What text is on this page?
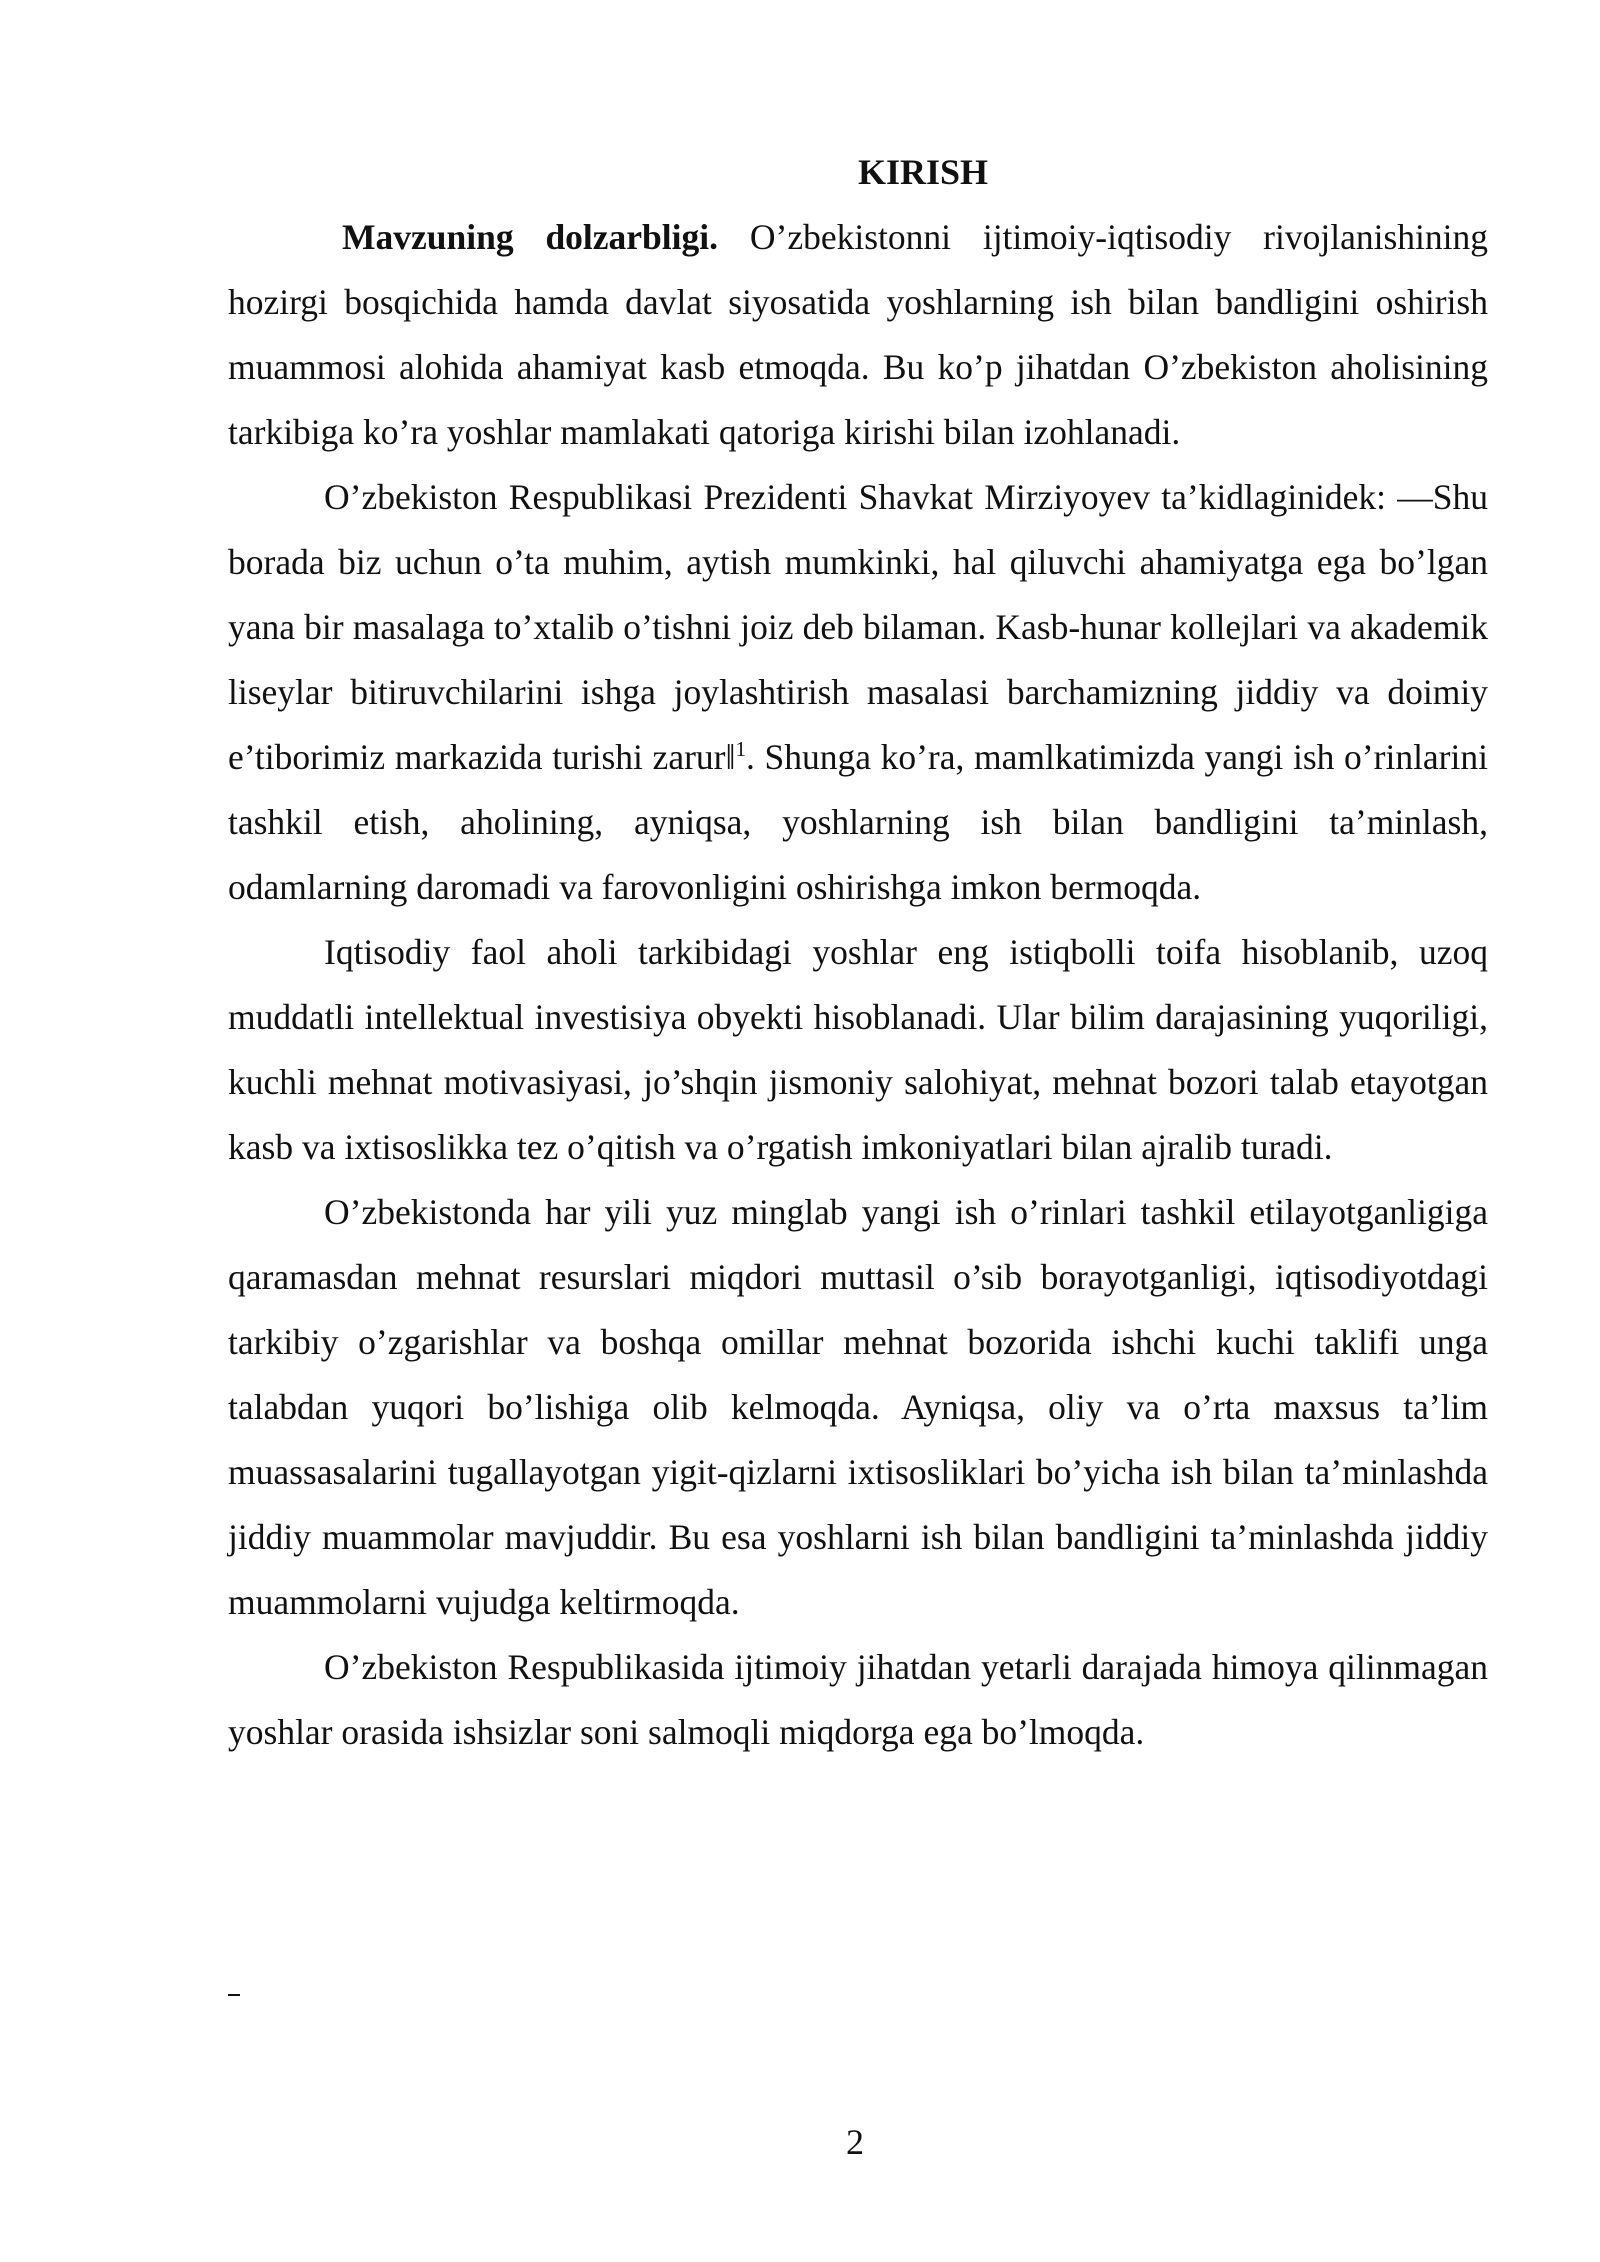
KIRISH

Mavzuning dolzarbligi. O’zbekistonni ijtimoiy-iqtisodiy rivojlanishining hozirgi bosqichida hamda davlat siyosatida yoshlarning ish bilan bandligini oshirish muammosi alohida ahamiyat kasb etmoqda. Bu ko’p jihatdan O’zbekiston aholisining tarkibiga ko’ra yoshlar mamlakati qatoriga kirishi bilan izohlanadi.

O’zbekiston Respublikasi Prezidenti Shavkat Mirziyoyev ta’kidlaginidek: ―Shu borada biz uchun o’ta muhim, aytish mumkinki, hal qiluvchi ahamiyatga ega bo’lgan yana bir masalaga to’xtalib o’tishni joiz deb bilaman. Kasb-hunar kollejlari va akademik liseylar bitiruvchilarini ishga joylashtirish masalasi barchamizning jiddiy va doimiy e’tiborimiz markazida turishi zarur‖$^1$. Shunga ko’ra, mamlkatimizda yangi ish o’rinlarini tashkil etish, aholining, ayniqsa, yoshlarning ish bilan bandligini ta’minlash, odamlarning daromadi va farovonligini oshirishga imkon bermoqda.

Iqtisodiy faol aholi tarkibidagi yoshlar eng istiqbolli toifa hisoblanib, uzoq muddatli intellektual investisiya obyekti hisoblanadi. Ular bilim darajasining yuqoriligi, kuchli mehnat motivasiyasi, jo’shqin jismoniy salohiyat, mehnat bozori talab etayotgan kasb va ixtisoslikka tez o’qitish va o’rgatish imkoniyatlari bilan ajralib turadi.

O’zbekistonda har yili yuz minglab yangi ish o’rinlari tashkil etilayotganligiga qaramasdan mehnat resurslari miqdori muttasil o’sib borayotganligi, iqtisodiyotdagi tarkibiy o’zgarishlar va boshqa omillar mehnat bozorida ishchi kuchi taklifi unga talabdan yuqori bo’lishiga olib kelmoqda. Ayniqsa, oliy va o’rta maxsus ta’lim muassasalarini tugallayotgan yigit-qizlarni ixtisosliklari bo’yicha ish bilan ta’minlashda jiddiy muammolar mavjuddir. Bu esa yoshlarni ish bilan bandligini ta’minlashda jiddiy muammolarni vujudga keltirmoqda.

O’zbekiston Respublikasida ijtimoiy jihatdan yetarli darajada himoya qilinmagan yoshlar orasida ishsizlar soni salmoqli miqdorga ega bo’lmoqda.

2
